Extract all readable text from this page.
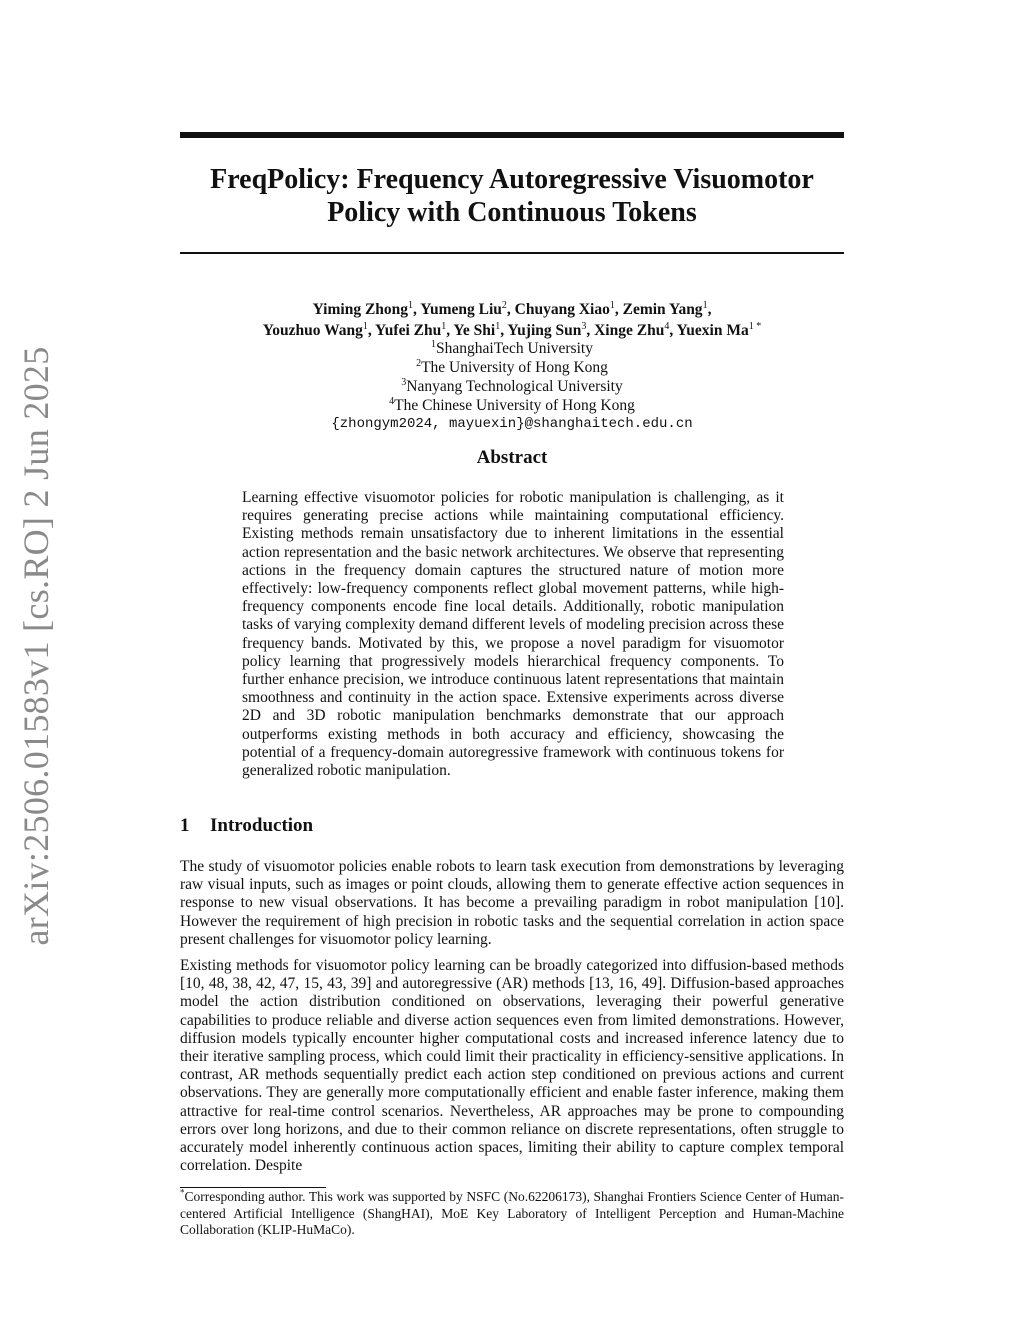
arXiv:2506.01583v1 [cs.RO] 2 Jun 2025
FreqPolicy: Frequency Autoregressive Visuomotor
Policy with Continuous Tokens
Yiming Zhong$^1$, Yumeng Liu$^2$, Chuyang Xiao$^1$, Zemin Yang$^1$,
Youzhuo Wang$^1$, Yufei Zhu$^1$, Ye Shi$^1$, Yujing Sun$^3$, Xinge Zhu$^4$, Yuexin $Ma^{1 *}$
$^1$ShanghaiTech University
$^2$The University of Hong Kong
$^3$Nanyang Technological University
$^4$The Chinese University of Hong Kong
{zhongym2024, mayuexin}@shanghaitech.edu.cn
Abstract
Learning effective visuomotor policies for robotic manipulation is challenging, as it requires generating precise actions while maintaining computational efficiency. Existing methods remain unsatisfactory due to inherent limitations in the essential action representation and the basic network architectures. We observe that representing actions in the frequency domain captures the structured nature of motion more effectively: low-frequency components reflect global movement patterns, while high-frequency components encode fine local details. Additionally, robotic manipulation tasks of varying complexity demand different levels of modeling precision across these frequency bands. Motivated by this, we propose a novel paradigm for visuomotor policy learning that progressively models hierarchical frequency components. To further enhance precision, we introduce continuous latent representations that maintain smoothness and continuity in the action space. Extensive experiments across diverse 2D and 3D robotic manipulation benchmarks demonstrate that our approach outperforms existing methods in both accuracy and efficiency, showcasing the potential of a frequency-domain autoregressive framework with continuous tokens for generalized robotic manipulation.
1 Introduction

The study of visuomotor policies enable robots to learn task execution from demonstrations by leveraging raw visual inputs, such as images or point clouds, allowing them to generate effective action sequences in response to new visual observations. It has become a prevailing paradigm in robot manipulation [10]. However the requirement of high precision in robotic tasks and the sequential correlation in action space present challenges for visuomotor policy learning.

Existing methods for visuomotor policy learning can be broadly categorized into diffusion-based methods [10, 48, 38, 42, 47, 15, 43, 39] and autoregressive (AR) methods [13, 16, 49]. Diffusion-based approaches model the action distribution conditioned on observations, leveraging their powerful generative capabilities to produce reliable and diverse action sequences even from limited demonstrations. However, diffusion models typically encounter higher computational costs and increased inference latency due to their iterative sampling process, which could limit their practicality in efficiency-sensitive applications. In contrast, AR methods sequentially predict each action step conditioned on previous actions and current observations. They are generally more computationally efficient and enable faster inference, making them attractive for real-time control scenarios. Nevertheless, AR approaches may be prone to compounding errors over long horizons, and due to their common reliance on discrete representations, often struggle to accurately model inherently continuous action spaces, limiting their ability to capture complex temporal correlation. Despite

*Corresponding author. This work was supported by NSFC (No.62206173), Shanghai Frontiers Science Center of Human-centered Artificial Intelligence (ShangHAI), MoE Key Laboratory of Intelligent Perception and Human-Machine Collaboration (KLIP-HuMaCo).
